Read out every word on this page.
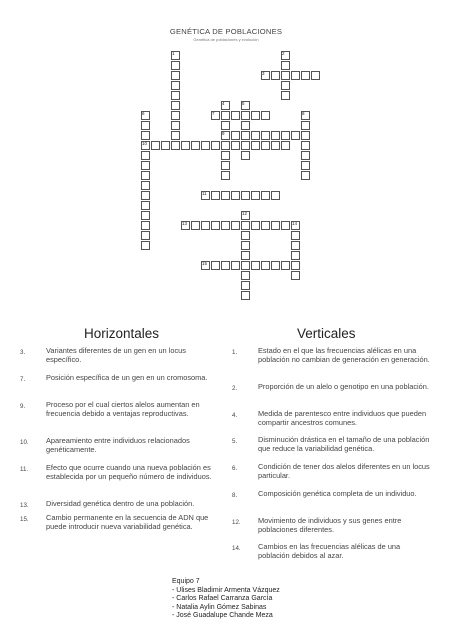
GENÉTICA DE POBLACIONES
Genética de poblaciones y evolución
1	2
3
4	5
6	7	8
9
10
11
12
13	14
15
Horizontales	Verticales
3.	Variantes diferentes de un gen en un locus específico.
7.	Posición específica de un gen en un cromosoma.
9.	Proceso por el cual ciertos alelos aumentan en frecuencia debido a ventajas reproductivas.
10. Apareamiento entre individuos relacionados genéticamente.
11. Efecto que ocurre cuando una nueva población es establecida por un pequeño número de individuos.
13. Diversidad genética dentro de una población.
15. Cambio permanente en la secuencia de ADN que puede introducir nueva variabilidad genética.
1.	Estado en el que las frecuencias alélicas en una población no cambian de generación en generación.
2.	Proporción de un alelo o genotipo en una población.
4.	Medida de parentesco entre individuos que pueden compartir ancestros comunes.
5.	Disminución drástica en el tamaño de una población que reduce la variabilidad genética.
6.	Condición de tener dos alelos diferentes en un locus particular.
8.	Composición genética completa de un individuo.
12. Movimiento de individuos y sus genes entre poblaciones diferentes.
14. Cambios en las frecuencias alélicas de una población debidos al azar.
Equipo 7
- Ulises Bladimir Armenta Vázquez
- Carlos Rafael Carranza García
- Natalia Aylin Gómez Sabinas
- José Guadalupe Chande Meza
